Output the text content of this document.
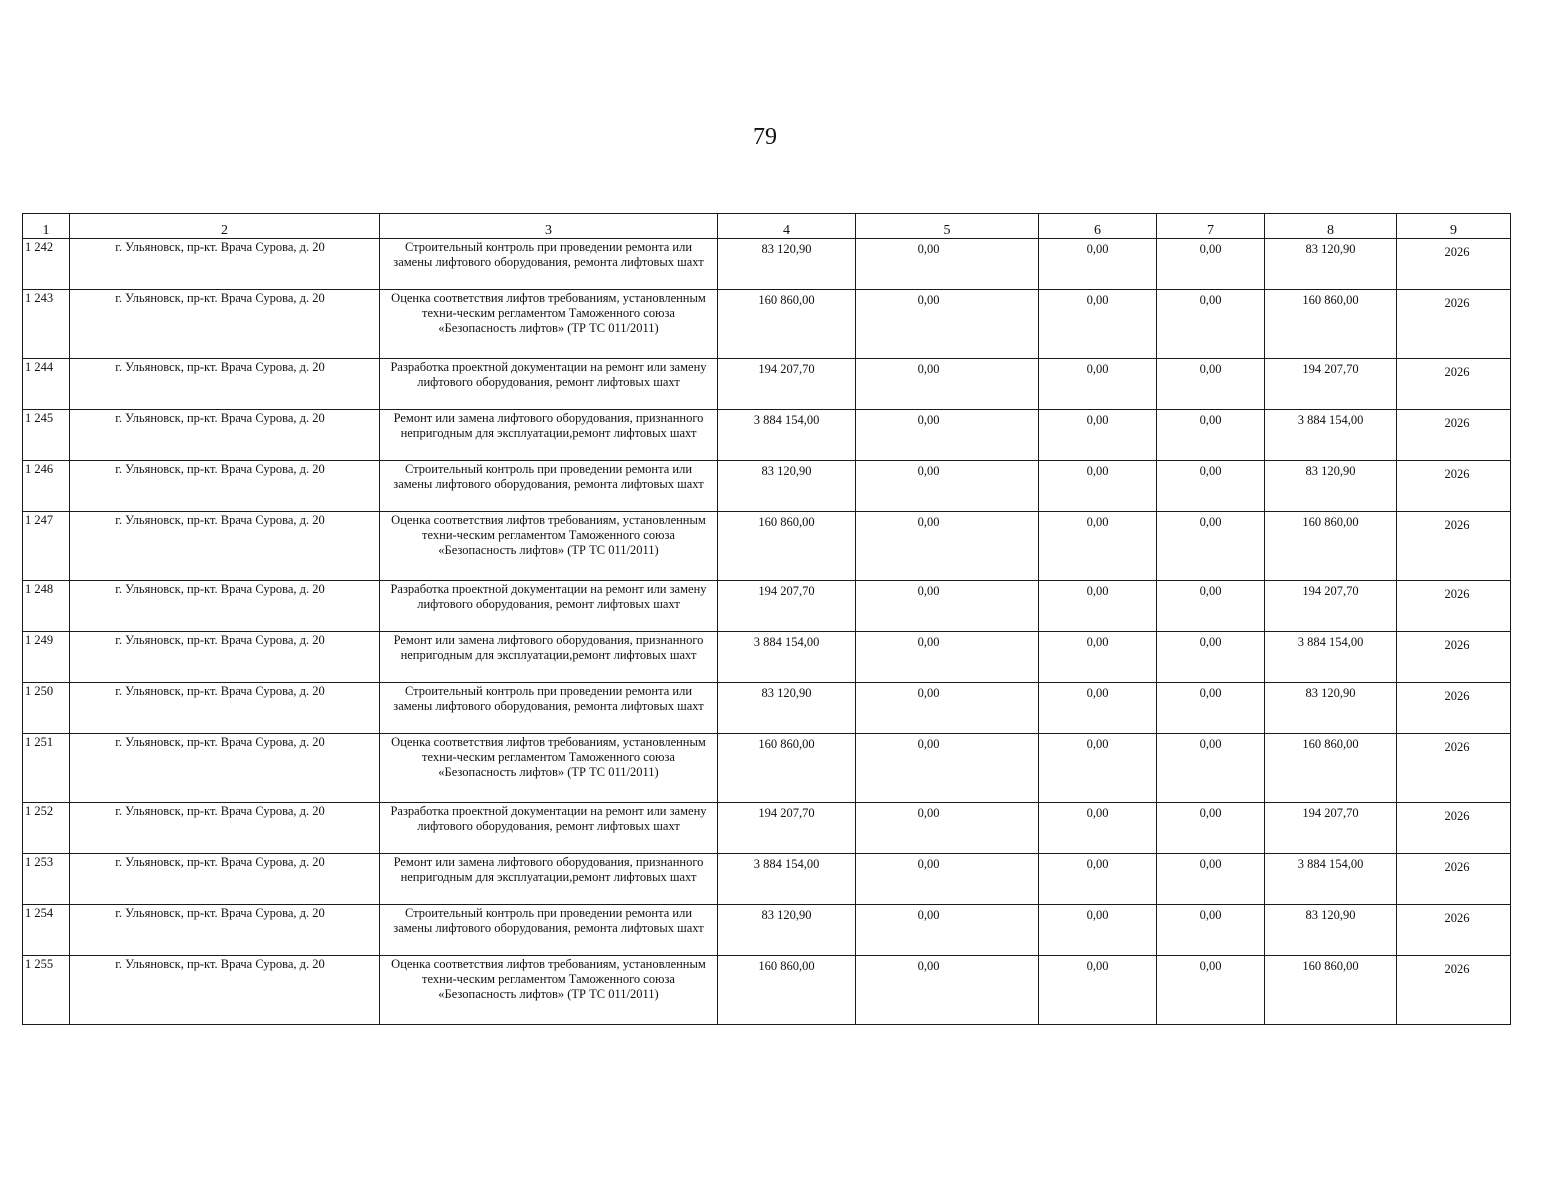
79
1	2	3	4	5	6	7	8	9
1 242	г. Ульяновск, пр-кт. Врача Сурова, д. 20	Строительный контроль при проведении ремонта или замены лифтового оборудования, ремонта лифтовых шахт	83 120,90	0,00	0,00	0,00	83 120,90	2026
1 243	г. Ульяновск, пр-кт. Врача Сурова, д. 20	Оценка соответствия лифтов требованиям, установленным техни-ческим регламентом Таможенного союза «Безопасность лифтов» (ТР ТС 011/2011)	160 860,00	0,00	0,00	0,00	160 860,00	2026
1 244	г. Ульяновск, пр-кт. Врача Сурова, д. 20	Разработка проектной документации на ремонт или замену лифтового оборудования, ремонт лифтовых шахт	194 207,70	0,00	0,00	0,00	194 207,70	2026
1 245	г. Ульяновск, пр-кт. Врача Сурова, д. 20	Ремонт или замена лифтового оборудования, признанного непригодным для эксплуатации,ремонт лифтовых шахт	3 884 154,00	0,00	0,00	0,00	3 884 154,00	2026
1 246	г. Ульяновск, пр-кт. Врача Сурова, д. 20	Строительный контроль при проведении ремонта или замены лифтового оборудования, ремонта лифтовых шахт	83 120,90	0,00	0,00	0,00	83 120,90	2026
1 247	г. Ульяновск, пр-кт. Врача Сурова, д. 20	Оценка соответствия лифтов требованиям, установленным техни-ческим регламентом Таможенного союза «Безопасность лифтов» (ТР ТС 011/2011)	160 860,00	0,00	0,00	0,00	160 860,00	2026
1 248	г. Ульяновск, пр-кт. Врача Сурова, д. 20	Разработка проектной документации на ремонт или замену лифтового оборудования, ремонт лифтовых шахт	194 207,70	0,00	0,00	0,00	194 207,70	2026
1 249	г. Ульяновск, пр-кт. Врача Сурова, д. 20	Ремонт или замена лифтового оборудования, признанного непригодным для эксплуатации,ремонт лифтовых шахт	3 884 154,00	0,00	0,00	0,00	3 884 154,00	2026
1 250	г. Ульяновск, пр-кт. Врача Сурова, д. 20	Строительный контроль при проведении ремонта или замены лифтового оборудования, ремонта лифтовых шахт	83 120,90	0,00	0,00	0,00	83 120,90	2026
1 251	г. Ульяновск, пр-кт. Врача Сурова, д. 20	Оценка соответствия лифтов требованиям, установленным техни-ческим регламентом Таможенного союза «Безопасность лифтов» (ТР ТС 011/2011)	160 860,00	0,00	0,00	0,00	160 860,00	2026
1 252	г. Ульяновск, пр-кт. Врача Сурова, д. 20	Разработка проектной документации на ремонт или замену лифтового оборудования, ремонт лифтовых шахт	194 207,70	0,00	0,00	0,00	194 207,70	2026
1 253	г. Ульяновск, пр-кт. Врача Сурова, д. 20	Ремонт или замена лифтового оборудования, признанного непригодным для эксплуатации,ремонт лифтовых шахт	3 884 154,00	0,00	0,00	0,00	3 884 154,00	2026
1 254	г. Ульяновск, пр-кт. Врача Сурова, д. 20	Строительный контроль при проведении ремонта или замены лифтового оборудования, ремонта лифтовых шахт	83 120,90	0,00	0,00	0,00	83 120,90	2026
1 255	г. Ульяновск, пр-кт. Врача Сурова, д. 20	Оценка соответствия лифтов требованиям, установленным техни-ческим регламентом Таможенного союза «Безопасность лифтов» (ТР ТС 011/2011)	160 860,00	0,00	0,00	0,00	160 860,00	2026
